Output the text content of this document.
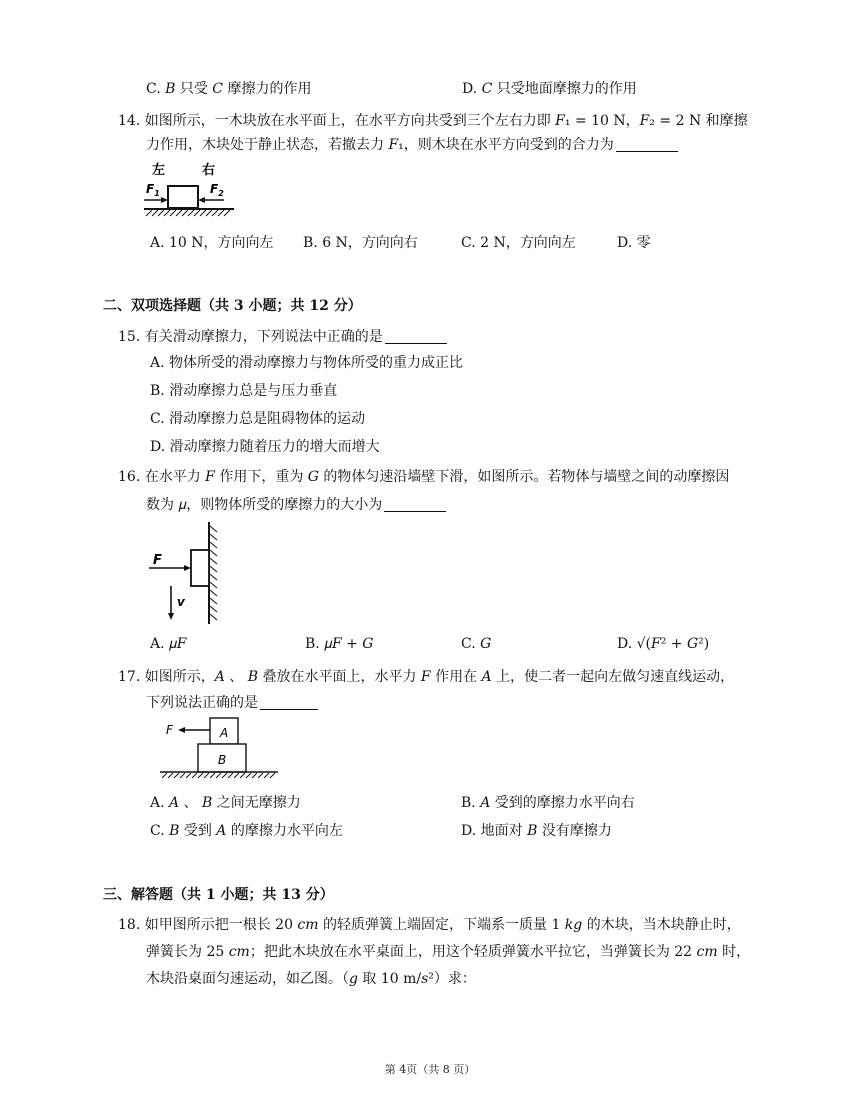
C. 𝐵 只受 𝐶 摩擦力的作用	D. 𝐶 只受地面摩擦力的作用
14. 如图所示，一木块放在水平面上，在水平方向共受到三个左右力即 𝐹₁ = 10 N，𝐹₂ = 2 N 和摩擦
力作用，木块处于静止状态，若撤去力 𝐹₁，则木块在水平方向受到的合力为
左	右
$F_1$	$F_2$
A. 10 N，方向向左 B. 6 N，方向向右	C. 2 N，方向向左	D. 零
二、双项选择题（共 3 小题；共 12 分）
15. 有关滑动摩擦力，下列说法中正确的是
A. 物体所受的滑动摩擦力与物体所受的重力成正比
B. 滑动摩擦力总是与压力垂直
C. 滑动摩擦力总是阻碍物体的运动
D. 滑动摩擦力随着压力的增大而增大
16. 在水平力 𝐹 作用下，重为 𝐺 的物体匀速沿墙壁下滑，如图所示。若物体与墙壁之间的动摩擦因
数为 𝜇，则物体所受的摩擦力的大小为
F
v
A. 𝜇𝐹	B. 𝜇𝐹 + 𝐺	C. 𝐺	D. √(𝐹² + 𝐺²)
17. 如图所示，𝐴 、 𝐵 叠放在水平面上，水平力 𝐹 作用在 𝐴 上，使二者一起向左做匀速直线运动，
下列说法正确的是
A
B
F
A. 𝐴 、 𝐵 之间无摩擦力	B. 𝐴 受到的摩擦力水平向右
C. 𝐵 受到 𝐴 的摩擦力水平向左	D. 地面对 𝐵 没有摩擦力
三、解答题（共 1 小题；共 13 分）
18. 如甲图所示把一根长 20 𝑐𝑚 的轻质弹簧上端固定，下端系一质量 1 𝑘𝑔 的木块，当木块静止时，
弹簧长为 25 𝑐𝑚；把此木块放在水平桌面上，用这个轻质弹簧水平拉它，当弹簧长为 22 𝑐𝑚 时，
木块沿桌面匀速运动，如乙图。（𝑔 取 10 m/𝑠²）求：
第 4页（共 8 页）
